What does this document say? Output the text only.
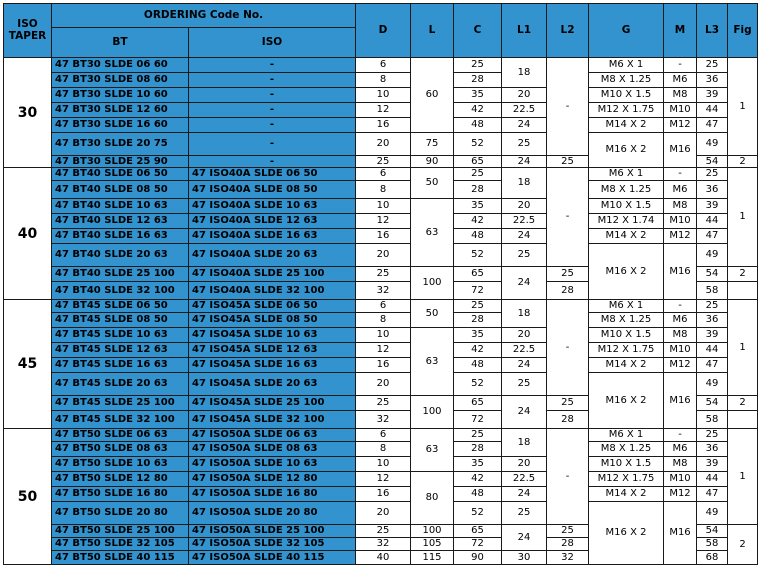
ISO TAPER	ORDERING Code No.		D	L	C	L1	L2	G	M	L3	Fig
	BT	ISO									
30	47 BT30 SLDE 06 60	-	6	60	25	18	-	M6 X 1	-	25	1
	47 BT30 SLDE 08 60	-	8		28			M8 X 1.25	M6	36	
	47 BT30 SLDE 10 60	-	10		35	20		M10 X 1.5	M8	39	
	47 BT30 SLDE 12 60	-	12		42	22.5		M12 X 1.75	M10	44	
	47 BT30 SLDE 16 60	-	16		48	24		M14 X 2	M12	47	
	47 BT30 SLDE 20 75	-	20	75	52	25		M16 X 2	M16	49	
	47 BT30 SLDE 25 90	-	25	90	65	24	25			54	2
40	47 BT40 SLDE 06 50	47 ISO40A SLDE 06 50	6	50	25	18	-	M6 X 1	-	25	1
	47 BT40 SLDE 08 50	47 ISO40A SLDE 08 50	8		28			M8 X 1.25	M6	36	
	47 BT40 SLDE 10 63	47 ISO40A SLDE 10 63	10	63	35	20		M10 X 1.5	M8	39	
	47 BT40 SLDE 12 63	47 ISO40A SLDE 12 63	12		42	22.5		M12 X 1.74	M10	44	
	47 BT40 SLDE 16 63	47 ISO40A SLDE 16 63	16		48	24		M14 X 2	M12	47	
	47 BT40 SLDE 20 63	47 ISO40A SLDE 20 63	20		52	25		M16 X 2	M16	49	
	47 BT40 SLDE 25 100	47 ISO40A SLDE 25 100	25	100	65	24	25			54	2
	47 BT40 SLDE 32 100	47 ISO40A SLDE 32 100	32		72		28			58	
45	47 BT45 SLDE 06 50	47 ISO45A SLDE 06 50	6	50	25	18	-	M6 X 1	-	25	1
	47 BT45 SLDE 08 50	47 ISO45A SLDE 08 50	8		28			M8 X 1.25	M6	36	
	47 BT45 SLDE 10 63	47 ISO45A SLDE 10 63	10	63	35	20		M10 X 1.5	M8	39	
	47 BT45 SLDE 12 63	47 ISO45A SLDE 12 63	12		42	22.5		M12 X 1.75	M10	44	
	47 BT45 SLDE 16 63	47 ISO45A SLDE 16 63	16		48	24		M14 X 2	M12	47	
	47 BT45 SLDE 20 63	47 ISO45A SLDE 20 63	20		52	25		M16 X 2	M16	49	
	47 BT45 SLDE 25 100	47 ISO45A SLDE 25 100	25	100	65	24	25			54	2
	47 BT45 SLDE 32 100	47 ISO45A SLDE 32 100	32		72		28			58	
50	47 BT50 SLDE 06 63	47 ISO50A SLDE 06 63	6	63	25	18	-	M6 X 1	-	25	1
	47 BT50 SLDE 08 63	47 ISO50A SLDE 08 63	8		28			M8 X 1.25	M6	36	
	47 BT50 SLDE 10 63	47 ISO50A SLDE 10 63	10		35	20		M10 X 1.5	M8	39	
	47 BT50 SLDE 12 80	47 ISO50A SLDE 12 80	12	80	42	22.5		M12 X 1.75	M10	44	
	47 BT50 SLDE 16 80	47 ISO50A SLDE 16 80	16		48	24		M14 X 2	M12	47	
	47 BT50 SLDE 20 80	47 ISO50A SLDE 20 80	20		52	25		M16 X 2	M16	49	
	47 BT50 SLDE 25 100	47 ISO50A SLDE 25 100	25	100	65	24	25			54	2
	47 BT50 SLDE 32 105	47 ISO50A SLDE 32 105	32	105	72		28			58	
	47 BT50 SLDE 40 115	47 ISO50A SLDE 40 115	40	115	90	30	32			68	
